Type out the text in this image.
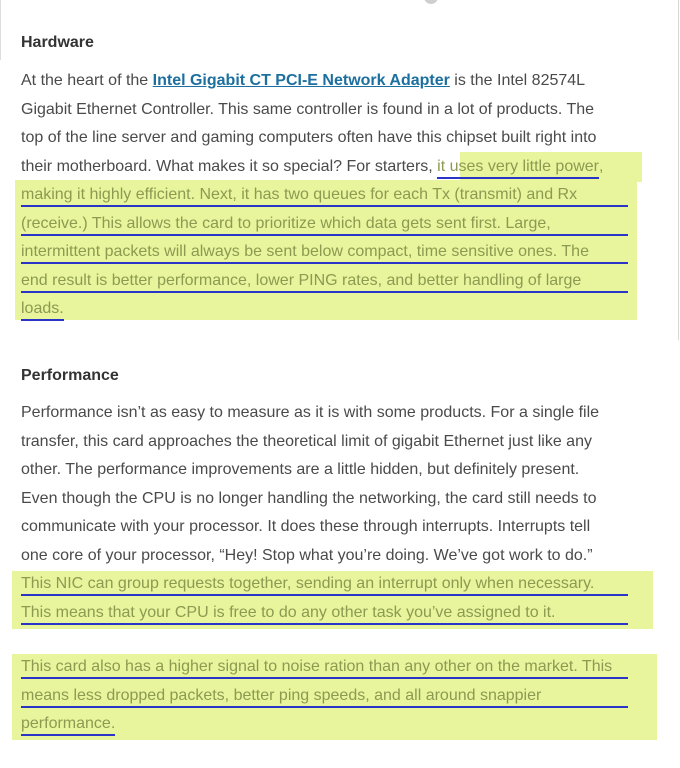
Hardware
At the heart of the Intel Gigabit CT PCI-E Network Adapter is the Intel 82574L
Gigabit Ethernet Controller. This same controller is found in a lot of products. The
top of the line server and gaming computers often have this chipset built right into
their motherboard. What makes it so special? For starters, it uses very little power,
making it highly efficient. Next, it has two queues for each Tx (transmit) and Rx
(receive.) This allows the card to prioritize which data gets sent first. Large,
intermittent packets will always be sent below compact, time sensitive ones. The
end result is better performance, lower PING rates, and better handling of large
loads.
Performance
Performance isn’t as easy to measure as it is with some products. For a single file
transfer, this card approaches the theoretical limit of gigabit Ethernet just like any
other. The performance improvements are a little hidden, but definitely present.
Even though the CPU is no longer handling the networking, the card still needs to
communicate with your processor. It does these through interrupts. Interrupts tell
one core of your processor, “Hey! Stop what you’re doing. We’ve got work to do.”
This NIC can group requests together, sending an interrupt only when necessary.
This means that your CPU is free to do any other task you’ve assigned to it.
This card also has a higher signal to noise ration than any other on the market. This
means less dropped packets, better ping speeds, and all around snappier
performance.
